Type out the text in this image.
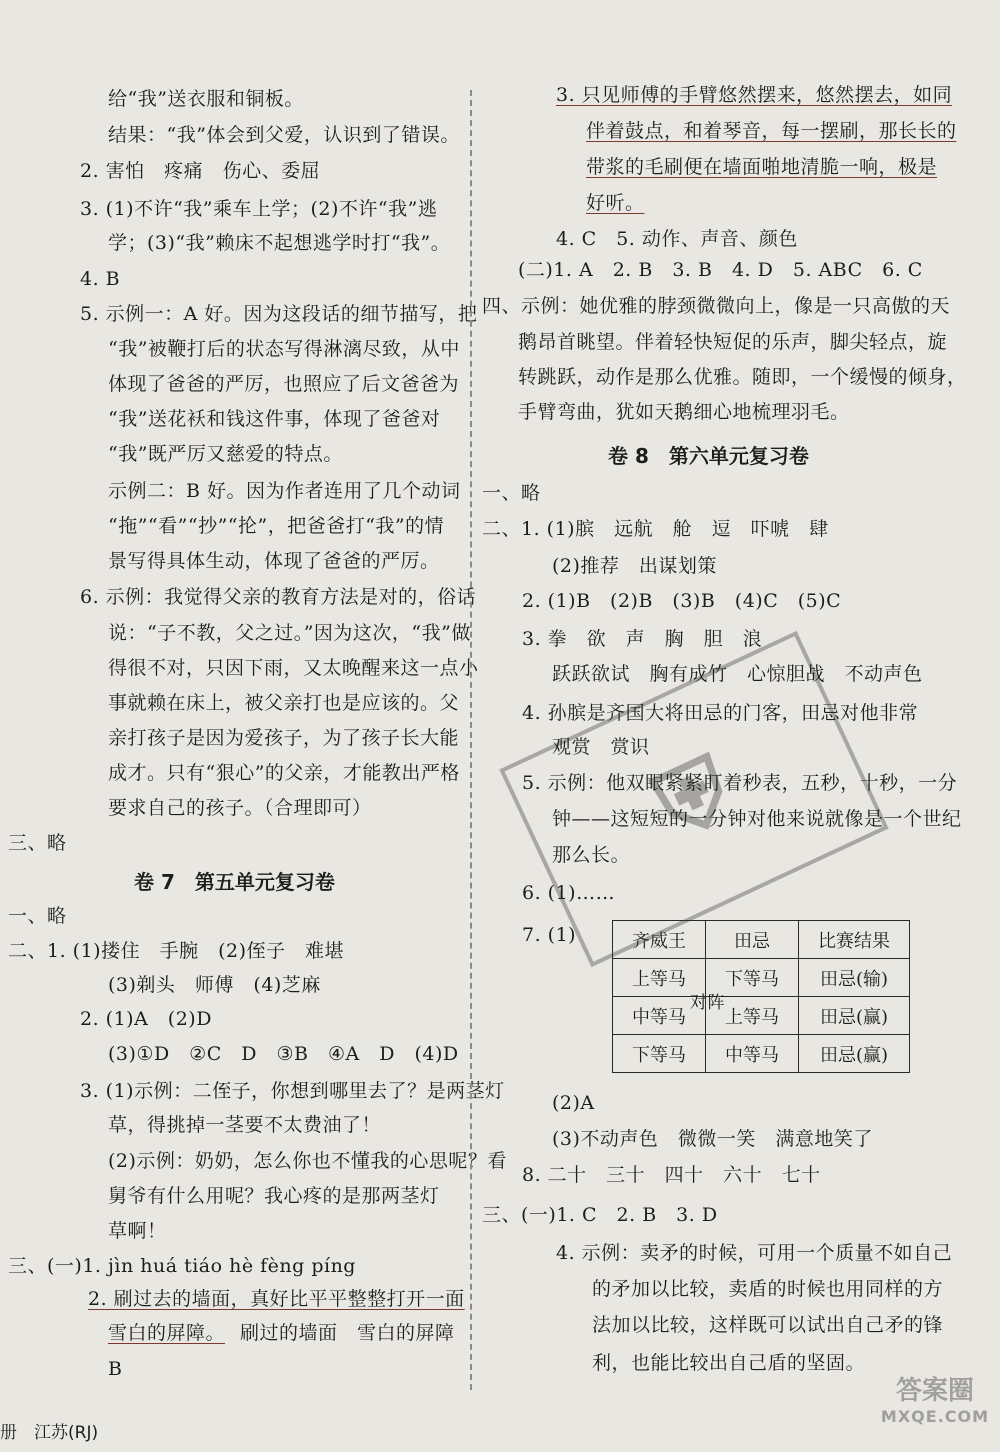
给“我”送衣服和铜板。
结果：“我”体会到父爱，认识到了错误。
2. 害怕　疼痛　伤心、委屈
3. (1)不许“我”乘车上学；(2)不许“我”逃
学；(3)“我”赖床不起想逃学时打“我”。
4. B
5. 示例一：A 好。因为这段话的细节描写，把
“我”被鞭打后的状态写得淋漓尽致，从中
体现了爸爸的严厉，也照应了后文爸爸为
“我”送花袄和钱这件事，体现了爸爸对
“我”既严厉又慈爱的特点。
示例二：B 好。因为作者连用了几个动词
“拖”“看”“抄”“抡”，把爸爸打“我”的情
景写得具体生动，体现了爸爸的严厉。
6. 示例：我觉得父亲的教育方法是对的，俗话
说：“子不教，父之过。”因为这次，“我”做
得很不对，只因下雨，又太晚醒来这一点小
事就赖在床上，被父亲打也是应该的。父
亲打孩子是因为爱孩子，为了孩子长大能
成才。只有“狠心”的父亲，才能教出严格
要求自己的孩子。（合理即可）
三、略
卷 7　第五单元复习卷
一、略
二、1. (1)搂住　手腕　(2)侄子　难堪
(3)剃头　师傅　(4)芝麻
2. (1)A　(2)D
(3)①D　②C　D　③B　④A　D　(4)D
3. (1)示例：二侄子，你想到哪里去了？是两茎灯
草，得挑掉一茎要不太费油了！
(2)示例：奶奶，怎么你也不懂我的心思呢？看
舅爷有什么用呢？我心疼的是那两茎灯
草啊！
三、(一)1. jìn huá tiáo hè fèng píng
2. 刷过去的墙面，真好比平平整整打开一面
雪白的屏障。 刷过的墙面　雪白的屏障
B
3. 只见师傅的手臂悠然摆来，悠然摆去，如同
伴着鼓点，和着琴音，每一摆刷，那长长的
带浆的毛刷便在墙面啪地清脆一响，极是
好听。
4. C　5. 动作、声音、颜色
(二)1. A　2. B　3. B　4. D　5. ABC　6. C
四、示例：她优雅的脖颈微微向上，像是一只高傲的天
鹅昂首眺望。伴着轻快短促的乐声，脚尖轻点，旋
转跳跃，动作是那么优雅。随即，一个缓慢的倾身，
手臂弯曲，犹如天鹅细心地梳理羽毛。
卷 8　第六单元复习卷
一、略
二、1. (1)膑　远航　舱　逗　吓唬　肆
(2)推荐　出谋划策
2. (1)B　(2)B　(3)B　(4)C　(5)C
3. 拳　欲　声　胸　胆　浪
跃跃欲试　胸有成竹　心惊胆战　不动声色
4. 孙膑是齐国大将田忌的门客，田忌对他非常
观赏　赏识
5. 示例：他双眼紧紧盯着秒表，五秒，十秒，一分
钟——这短短的一分钟对他来说就像是一个世纪
那么长。
6. (1)……
7. (1)
(2)A
(3)不动声色　微微一笑　满意地笑了
8. 二十　三十　四十　六十　七十
三、(一)1. C　2. B　3. D
4. 示例：卖矛的时候，可用一个质量不如自己
的矛加以比较，卖盾的时候也用同样的方
法加以比较，这样既可以试出自己矛的锋
利，也能比较出自己盾的坚固。
齐威王	田忌	比赛结果
上等马	下等马	田忌(输)
中等马	上等马	田忌(赢)
下等马	中等马	田忌(赢)
对阵
⛨
册　江苏(RJ)
答案圈
MXQE.COM
